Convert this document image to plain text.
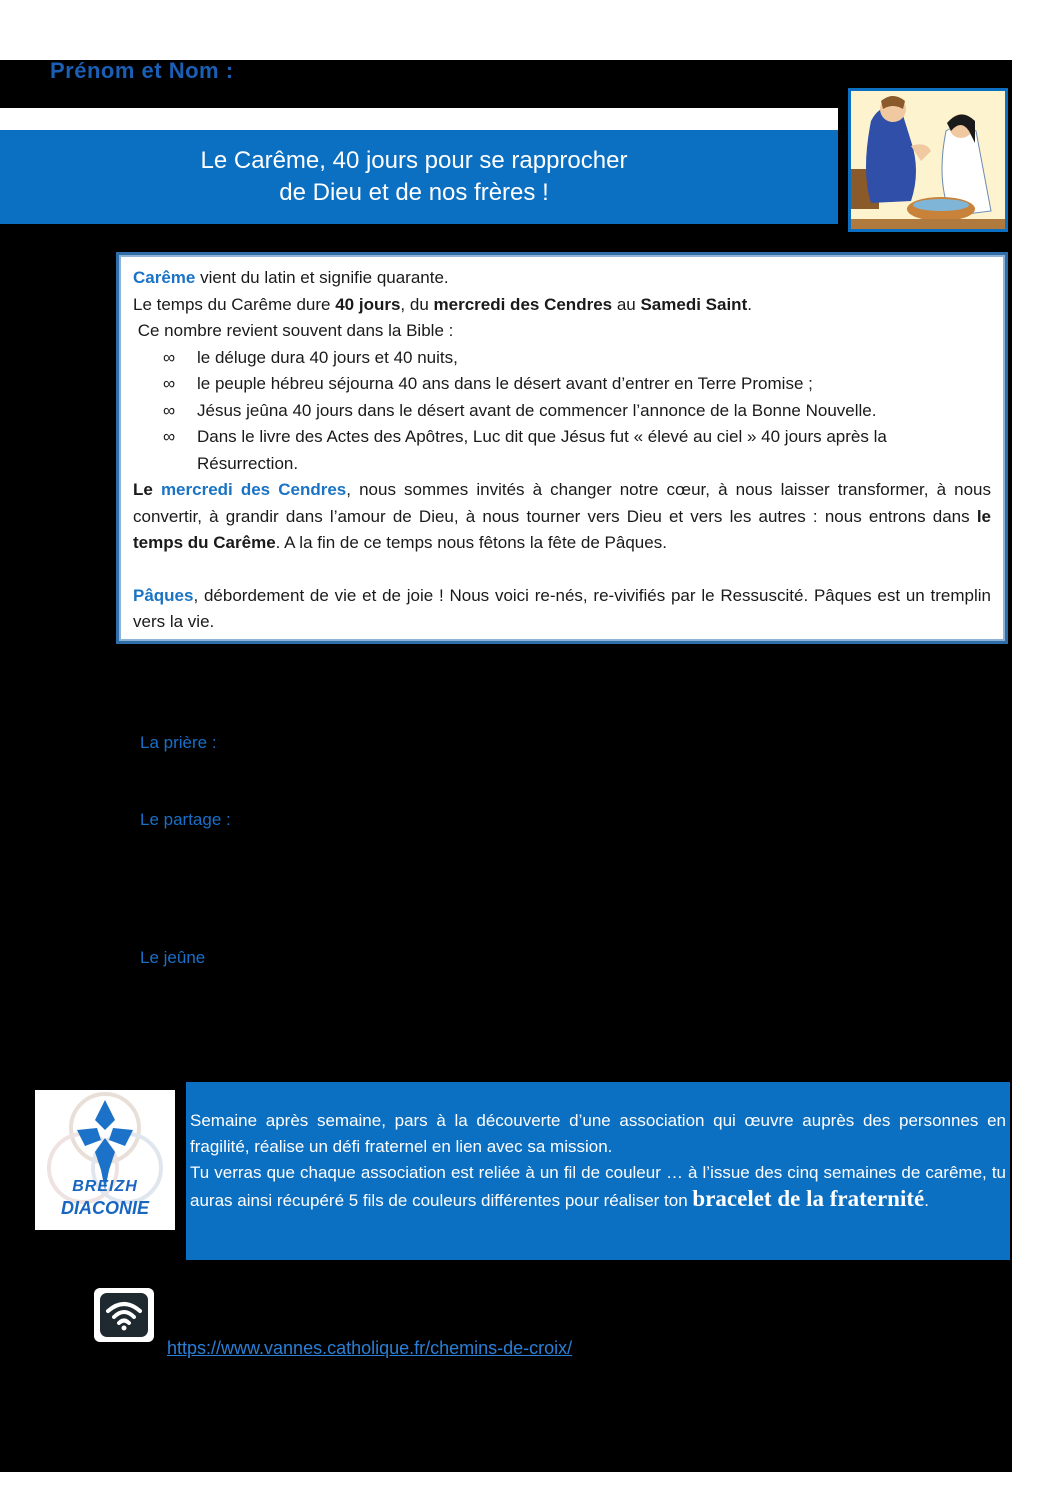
Prénom et Nom :
Le Carême, 40 jours pour se rapprocher
de Dieu et de nos frères !

Carême vient du latin et signifie quarante.

Le temps du Carême dure 40 jours, du mercredi des Cendres au Samedi Saint.

Ce nombre revient souvent dans la Bible :

∞ le déluge dura 40 jours et 40 nuits,
∞ le peuple hébreu séjourna 40 ans dans le désert avant d’entrer en Terre Promise ;
∞ Jésus jeûna 40 jours dans le désert avant de commencer l’annonce de la Bonne Nouvelle.
∞ Dans le livre des Actes des Apôtres, Luc dit que Jésus fut « élevé au ciel » 40 jours après la Résurrection.

Le mercredi des Cendres, nous sommes invités à changer notre cœur, à nous laisser transformer, à nous convertir, à grandir dans l’amour de Dieu, à nous tourner vers Dieu et vers les autres : nous entrons dans le temps du Carême. A la fin de ce temps nous fêtons la fête de Pâques.

Pâques, débordement de vie et de joie ! Nous voici re-nés, re-vivifiés par le Ressuscité. Pâques est un tremplin vers la vie.

La prière :
Le partage :
Le jeûne
BREIZH
DIACONIE

Semaine après semaine, pars à la découverte d’une association qui œuvre auprès des personnes en fragilité, réalise un défi fraternel en lien avec sa mission.

Tu verras que chaque association est reliée à un fil de couleur … à l’issue des cinq semaines de carême, tu auras ainsi récupéré 5 fils de couleurs différentes pour réaliser ton bracelet de la fraternité.

https://www.vannes.catholique.fr/chemins-de-croix/
